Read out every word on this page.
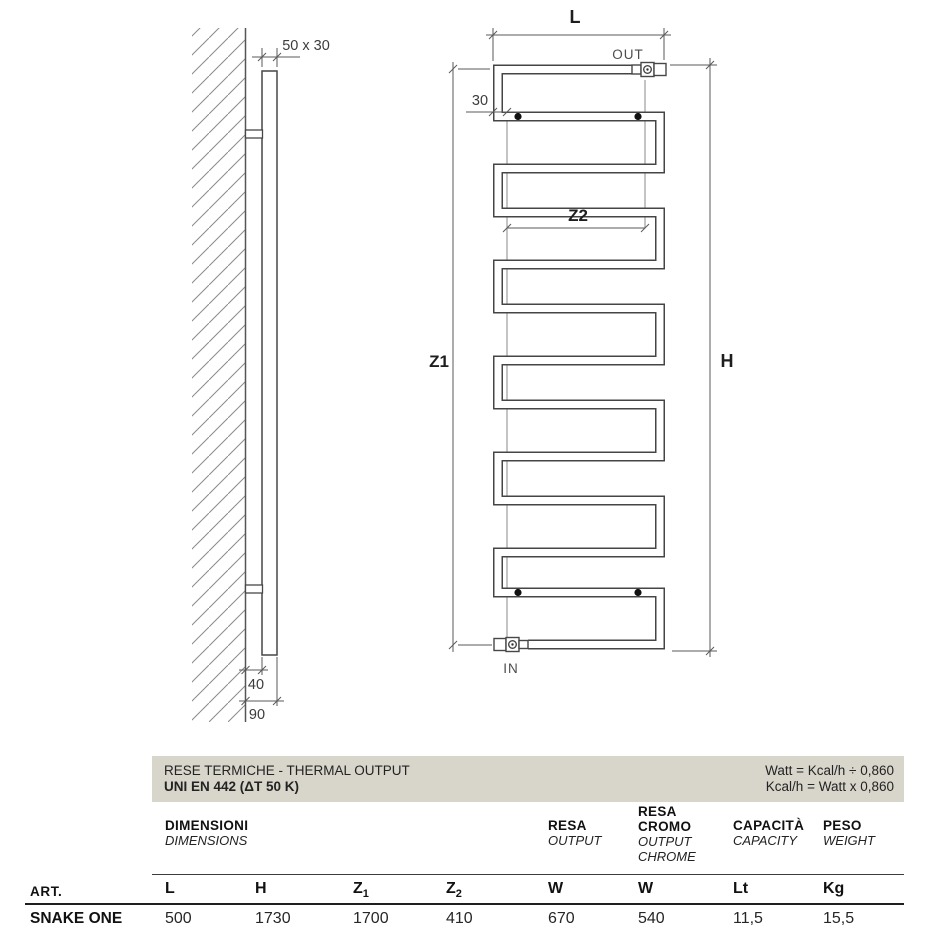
50 x 30
40
90
L
OUT
30
Z2
Z1	H
IN
RESE TERMICHE - THERMAL OUTPUT
UNI EN 442 (ΔT 50 K)
Watt = Kcal/h ÷ 0,860
Kcal/h = Watt x 0,860
DIMENSIONI
DIMENSIONS
RESA
OUTPUT
RESA
CROMO
OUTPUT
CHROME
CAPACITÀ
CAPACITY
PESO
WEIGHT
ART.	L	H	$Z_1$	$Z_2$	W	W	Lt	Kg
SNAKE ONE	500	1730	1700	410	670	540	11,5	15,5
